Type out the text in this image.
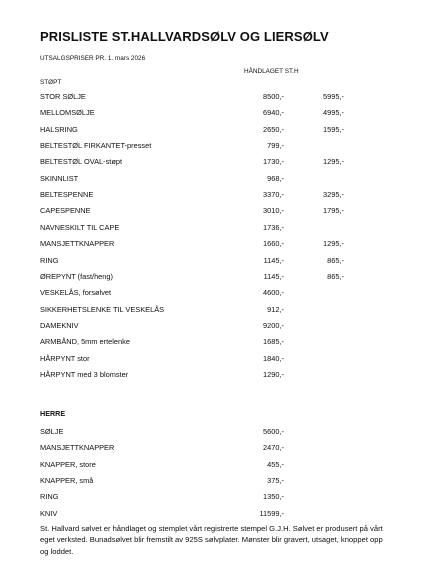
PRISLISTE ST.HALLVARDSØLV OG LIERSØLV
UTSALGSPRISER PR. 1. mars 2026
HÅNDLAGET ST.H
STØPT
STOR SØLJE	8500,-	5995,-
MELLOMSØLJE	6940,-	4995,-
HALSRING	2650,-	1595,-
BELTESTØL FIRKANTET-presset	799,-
BELTESTØL OVAL-støpt	1730,-	1295,-
SKINNLIST	968,-
BELTESPENNE	3370,-	3295,-
CAPESPENNE	3010,-	1795,-
NAVNESKILT TIL CAPE	1736,-
MANSJETTKNAPPER	1660,-	1295,-
RING	1145,-	865,-
ØREPYNT (fast/heng)	1145,-	865,-
VESKELÅS, forsølvet	4600,-
SIKKERHETSLENKE TIL VESKELÅS	912,-
DAMEKNIV	9200,-
ARMBÅND, 5mm ertelenke	1685,-
HÅRPYNT stor	1840,-
HÅRPYNT med 3 blomster	1290,-
HERRE
SØLJE	5600,-
MANSJETTKNAPPER	2470,-
KNAPPER, store	455,-
KNAPPER, små	375,-
RING	1350,-
KNIV	11599,-
St. Hallvard sølvet er håndlaget og stemplet vårt registrerte stempel G.J.H. Sølvet er produsert på vårt eget verksted. Bunadsølvet blir fremstilt av 925S sølvplater. Mønster blir gravert, utsaget, knoppet opp og loddet.
